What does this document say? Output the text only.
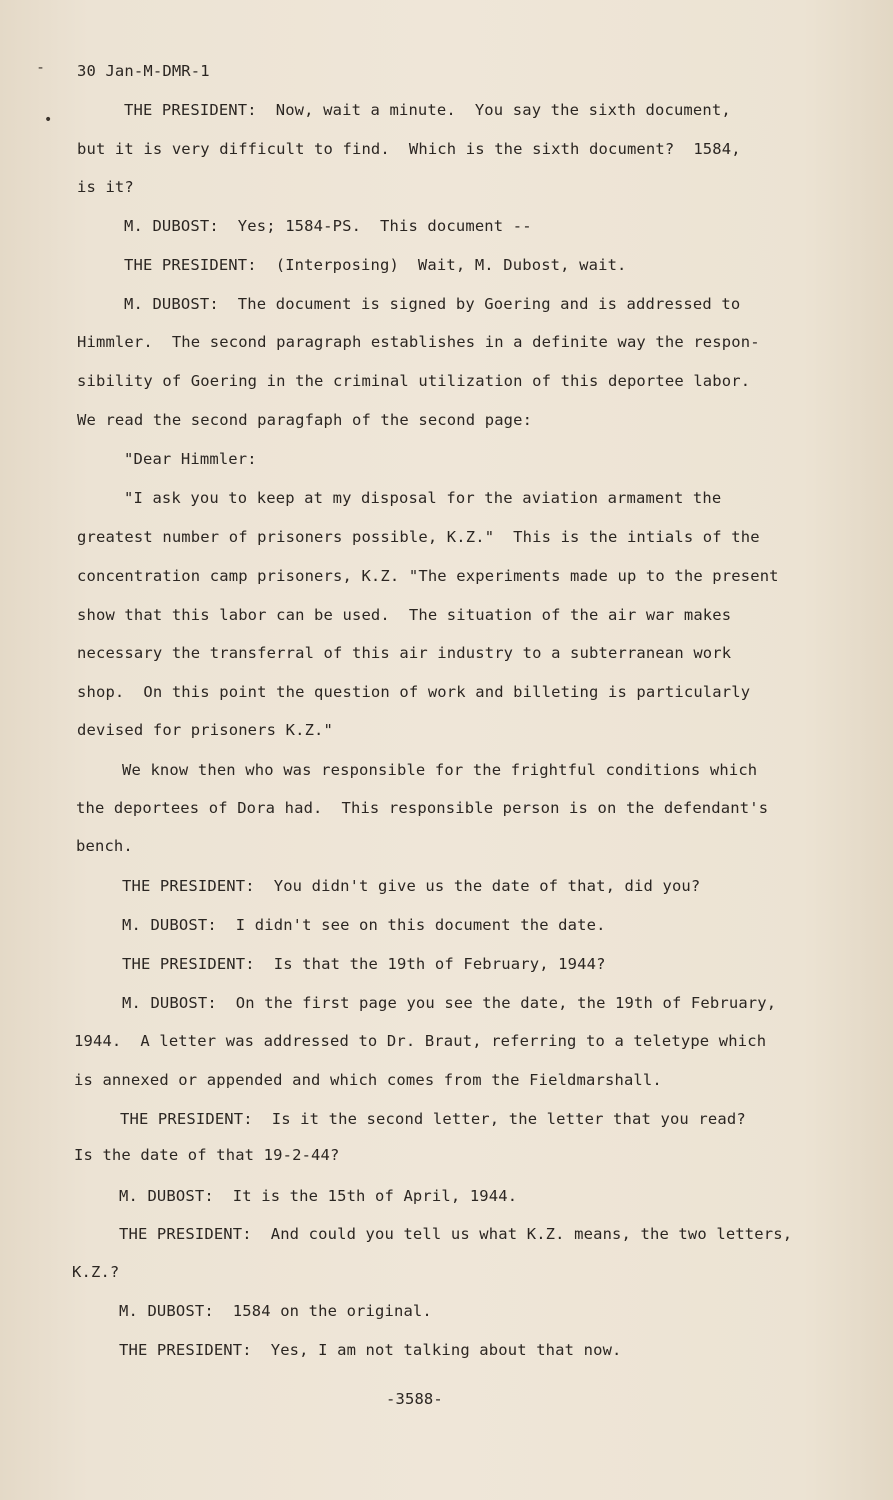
-
•
30 Jan-M-DMR-1
THE PRESIDENT:  Now, wait a minute.  You say the sixth document,
but it is very difficult to find.  Which is the sixth document?  1584,
is it?
M. DUBOST:  Yes; 1584-PS.  This document --
THE PRESIDENT:  (Interposing)  Wait, M. Dubost, wait.
M. DUBOST:  The document is signed by Goering and is addressed to
Himmler.  The second paragraph establishes in a definite way the respon-
sibility of Goering in the criminal utilization of this deportee labor.
We read the second paragfaph of the second page:
"Dear Himmler:
"I ask you to keep at my disposal for the aviation armament the
greatest number of prisoners possible, K.Z."  This is the intials of the
concentration camp prisoners, K.Z. "The experiments made up to the present
show that this labor can be used.  The situation of the air war makes
necessary the transferral of this air industry to a subterranean work
shop.  On this point the question of work and billeting is particularly
devised for prisoners K.Z."
We know then who was responsible for the frightful conditions which
the deportees of Dora had.  This responsible person is on the defendant's
bench.
THE PRESIDENT:  You didn't give us the date of that, did you?
M. DUBOST:  I didn't see on this document the date.
THE PRESIDENT:  Is that the 19th of February, 1944?
M. DUBOST:  On the first page you see the date, the 19th of February,
1944.  A letter was addressed to Dr. Braut, referring to a teletype which
is annexed or appended and which comes from the Fieldmarshall.
THE PRESIDENT:  Is it the second letter, the letter that you read?
Is the date of that 19-2-44?
M. DUBOST:  It is the 15th of April, 1944.
THE PRESIDENT:  And could you tell us what K.Z. means, the two letters,
K.Z.?
M. DUBOST:  1584 on the original.
THE PRESIDENT:  Yes, I am not talking about that now.
-3588-
